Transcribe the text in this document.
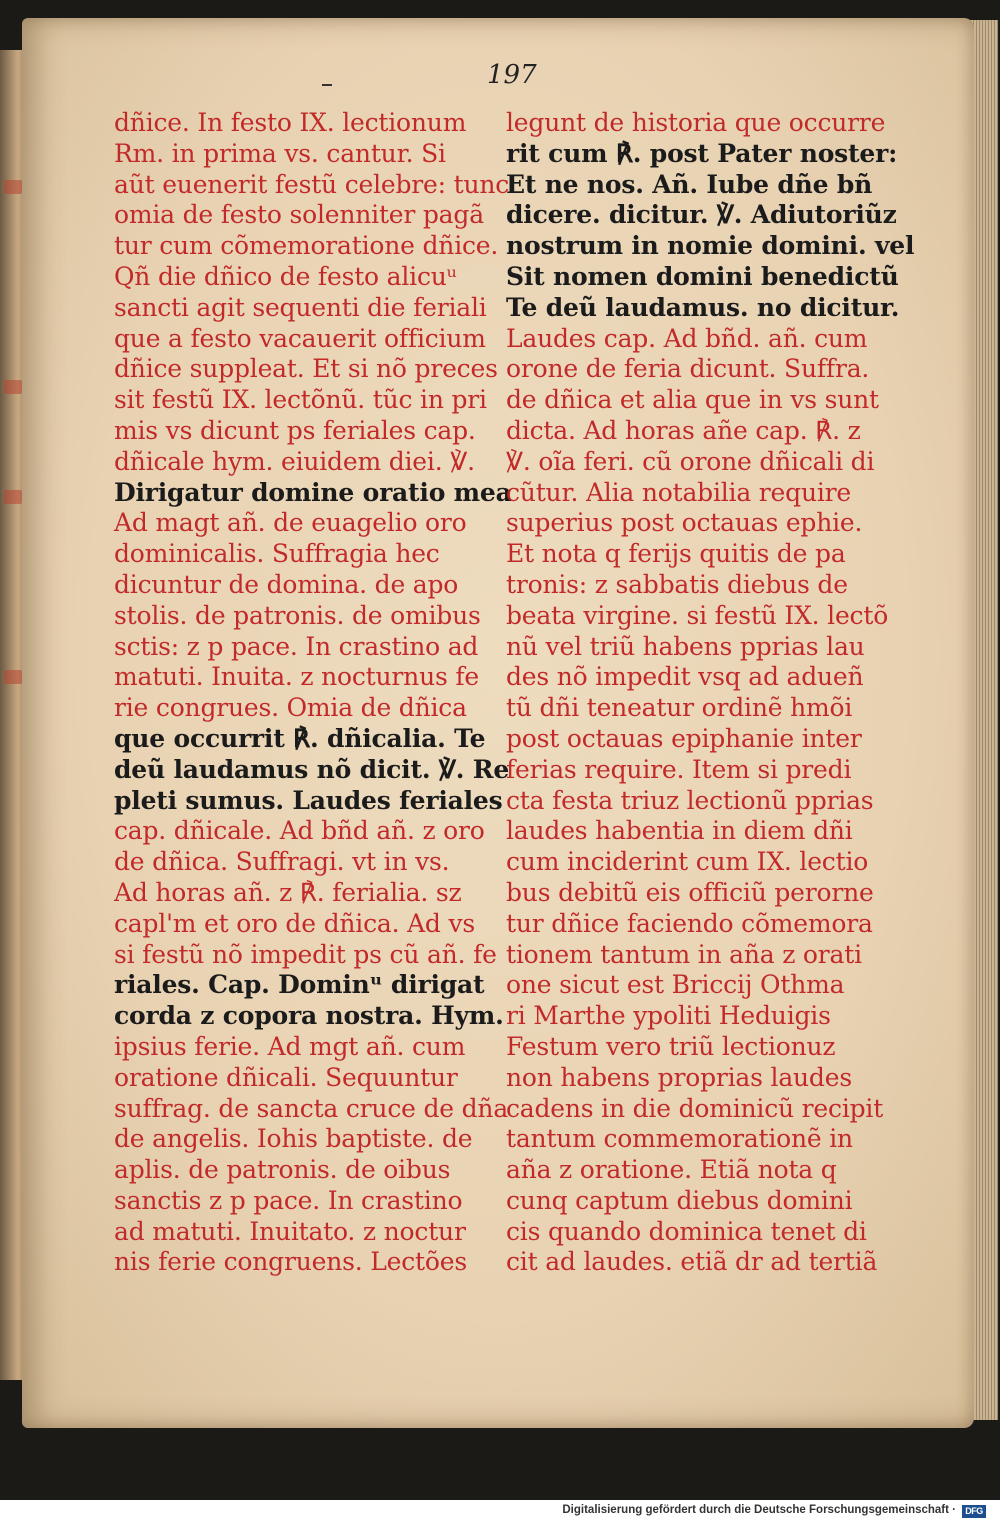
197
dñice. In festo IX. lectionum
Rm. in prima vs. cantur. Si
aũt euenerit festũ celebre: tunc
omia de festo solenniter pagã
tur cum cõmemoratione dñice.
Qñ die dñico de festo alicuᵘ
sancti agit sequenti die feriali
que a festo vacauerit officium
dñice suppleat. Et si nõ preces
sit festũ IX. lectõnũ. tũc in pri
mis vs dicunt ps feriales cap.
dñicale hym. eiuidem diei. ℣.
Dirigatur domine oratio mea
Ad magt añ. de euagelio oro
dominicalis. Suffragia hec
dicuntur de domina. de apo
stolis. de patronis. de omibus
sctis: z p pace. In crastino ad
matuti. Inuita. z nocturnus fe
rie congrues. Omia de dñica
que occurrit ℟. dñicalia. Te
deũ laudamus nõ dicit. ℣. Re
pleti sumus. Laudes feriales
cap. dñicale. Ad bñd añ. z oro
de dñica. Suffragi. vt in vs.
Ad horas añ. z ℟. ferialia. sz
capl'm et oro de dñica. Ad vs
si festũ nõ impedit ps cũ añ. fe
riales. Cap. Dominᵘ dirigat
corda z copora nostra. Hym.
ipsius ferie. Ad mgt añ. cum
oratione dñicali. Sequuntur
suffrag. de sancta cruce de dña
de angelis. Iohis baptiste. de
aplis. de patronis. de oibus
sanctis z p pace. In crastino
ad matuti. Inuitato. z noctur
nis ferie congruens. Lectões
legunt de historia que occurre
rit cum ℟. post Pater noster:
Et ne nos. Añ. Iube dñe bñ
dicere. dicitur. ℣. Adiutoriũz
nostrum in nomie domini. vel
Sit nomen domini benedictũ
Te deũ laudamus. no dicitur.
Laudes cap. Ad bñd. añ. cum
orone de feria dicunt. Suffra.
de dñica et alia que in vs sunt
dicta. Ad horas añe cap. ℟. z
℣. oĩa feri. cũ orone dñicali di
cũtur. Alia notabilia require
superius post octauas ephie.
Et nota q ferijs quitis de pa
tronis: z sabbatis diebus de
beata virgine. si festũ IX. lectõ
nũ vel triũ habens pprias lau
des nõ impedit vsq ad adueñ
tũ dñi teneatur ordinẽ hmõi
post octauas epiphanie inter
ferias require. Item si predi
cta festa triuz lectionũ pprias
laudes habentia in diem dñi
cum inciderint cum IX. lectio
bus debitũ eis officiũ perorne
tur dñice faciendo cõmemora
tionem tantum in aña z orati
one sicut est Briccij Othma
ri Marthe ypoliti Heduigis
Festum vero triũ lectionuz
non habens proprias laudes
cadens in die dominicũ recipit
tantum commemorationẽ in
aña z oratione. Etiã nota q
cunq captum diebus domini
cis quando dominica tenet di
cit ad laudes. etiã dr ad tertiã
Digitalisierung gefördert durch die Deutsche Forschungsgemeinschaft ·	DFG
